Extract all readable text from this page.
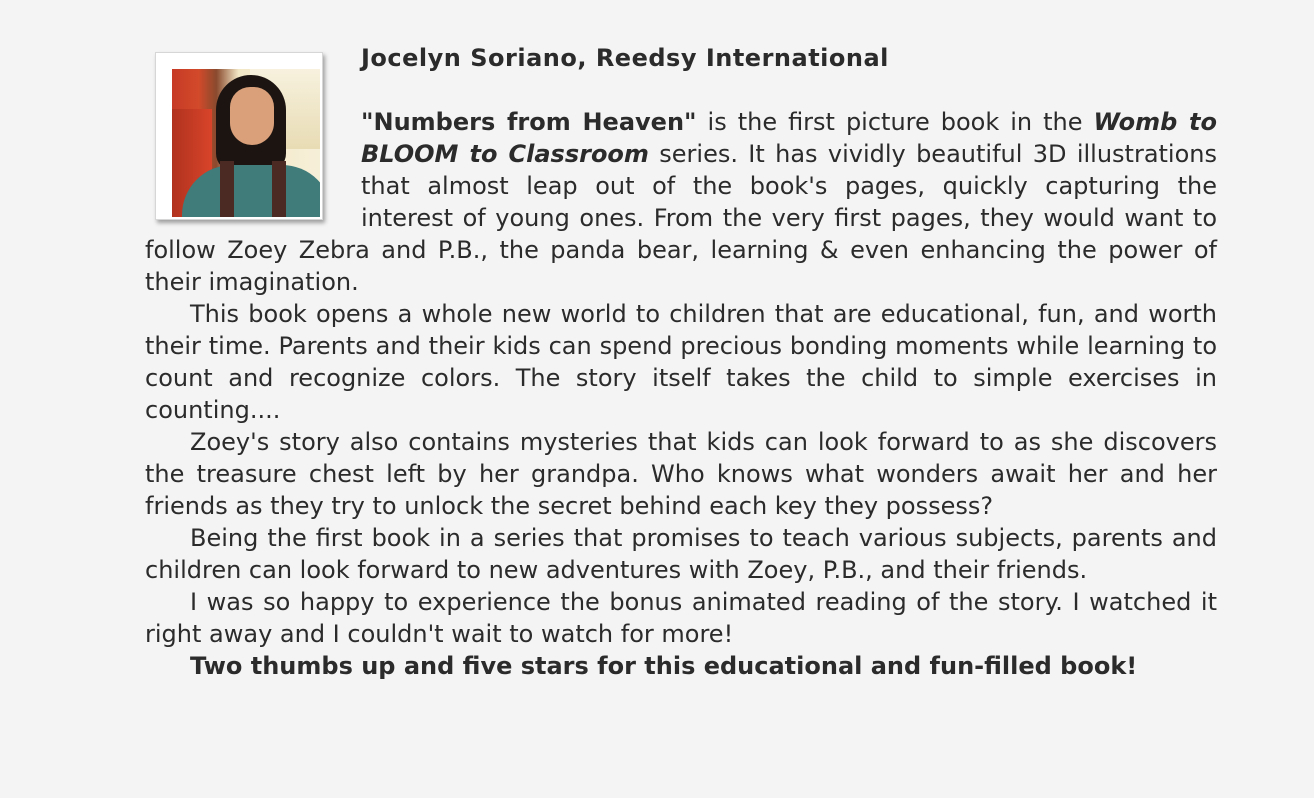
Jocelyn Soriano, Reedsy International

"Numbers from Heaven" is the first picture book in the Womb to BLOOM to Classroom series. It has vividly beautiful 3D illustrations that almost leap out of the book's pages, quickly capturing the interest of young ones. From the very first pages, they would want to follow Zoey Zebra and P.B., the panda bear, learning & even enhancing the power of their imagination.

This book opens a whole new world to children that are educational, fun, and worth their time. Parents and their kids can spend precious bonding moments while learning to count and recognize colors. The story itself takes the child to simple exercises in counting....

Zoey's story also contains mysteries that kids can look forward to as she discovers the treasure chest left by her grandpa. Who knows what wonders await her and her friends as they try to unlock the secret behind each key they possess?

Being the first book in a series that promises to teach various subjects, parents and children can look forward to new adventures with Zoey, P.B., and their friends.

I was so happy to experience the bonus animated reading of the story. I watched it right away and I couldn't wait to watch for more!

Two thumbs up and five stars for this educational and fun-filled book!
